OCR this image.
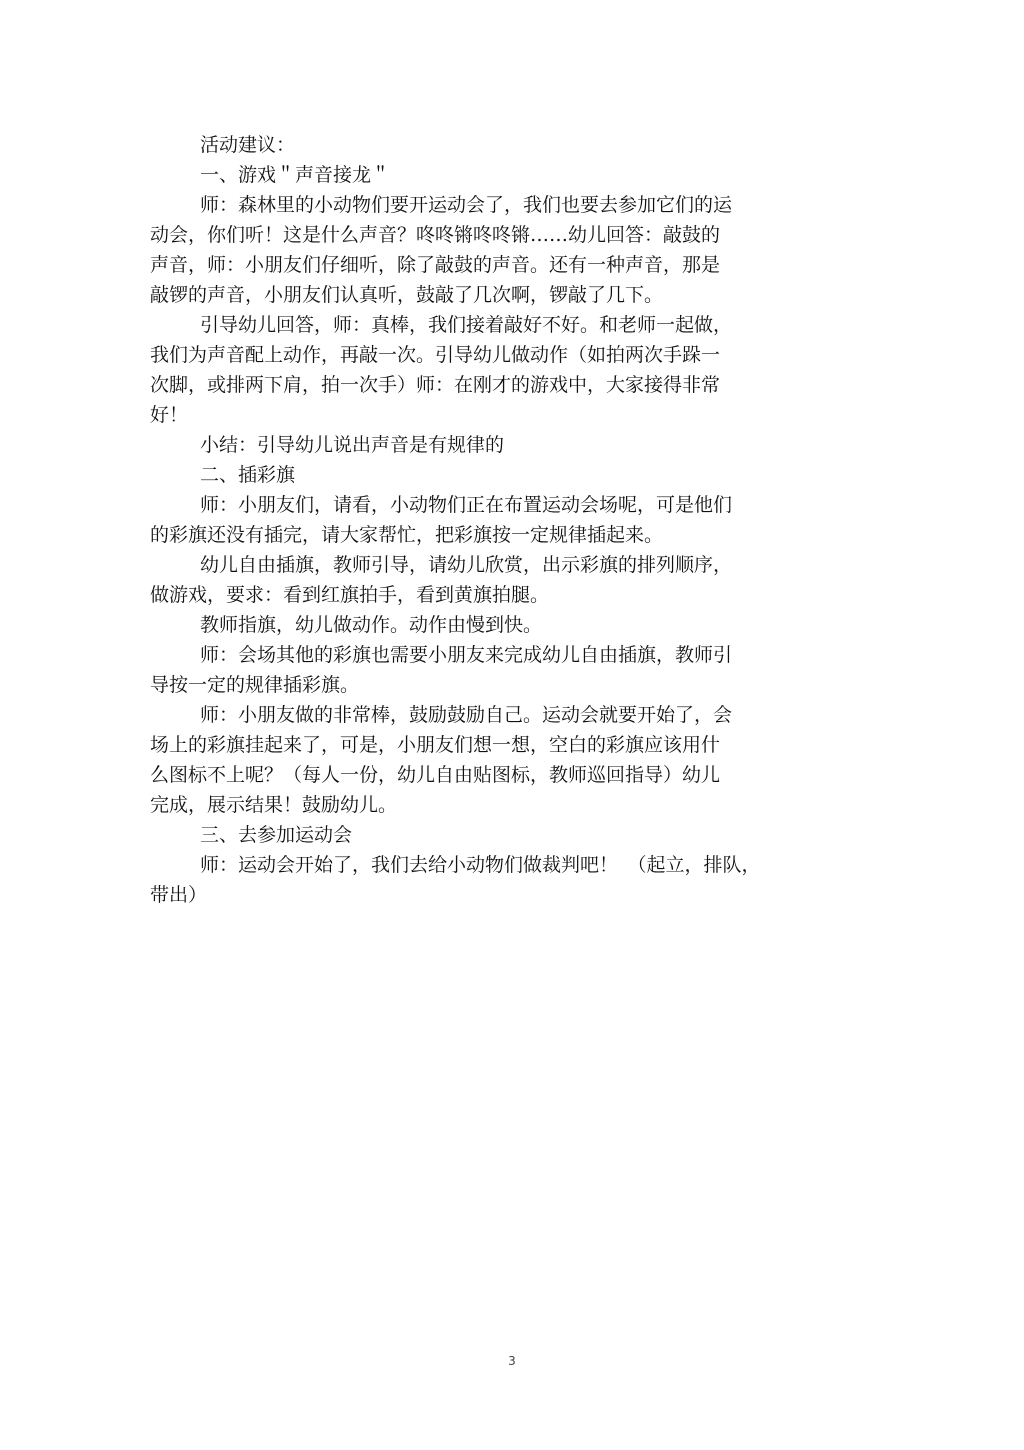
活动建议：
一、游戏＂声音接龙＂
师：森林里的小动物们要开运动会了，我们也要去参加它们的运
动会，你们听！这是什么声音？咚咚锵咚咚锵……幼儿回答：敲鼓的
声音，师：小朋友们仔细听，除了敲鼓的声音。还有一种声音，那是
敲锣的声音，小朋友们认真听，鼓敲了几次啊，锣敲了几下。
引导幼儿回答，师：真棒，我们接着敲好不好。和老师一起做，
我们为声音配上动作，再敲一次。引导幼儿做动作（如拍两次手跺一
次脚，或排两下肩，拍一次手）师：在刚才的游戏中，大家接得非常
好！
小结：引导幼儿说出声音是有规律的
二、插彩旗
师：小朋友们，请看，小动物们正在布置运动会场呢，可是他们
的彩旗还没有插完，请大家帮忙，把彩旗按一定规律插起来。
幼儿自由插旗，教师引导，请幼儿欣赏，出示彩旗的排列顺序，
做游戏，要求：看到红旗拍手，看到黄旗拍腿。
教师指旗，幼儿做动作。动作由慢到快。
师：会场其他的彩旗也需要小朋友来完成幼儿自由插旗，教师引
导按一定的规律插彩旗。
师：小朋友做的非常棒，鼓励鼓励自己。运动会就要开始了，会
场上的彩旗挂起来了，可是，小朋友们想一想，空白的彩旗应该用什
么图标不上呢？（每人一份，幼儿自由贴图标，教师巡回指导）幼儿
完成，展示结果！鼓励幼儿。
三、去参加运动会
师：运动会开始了，我们去给小动物们做裁判吧！　（起立，排队，
带出）
3
